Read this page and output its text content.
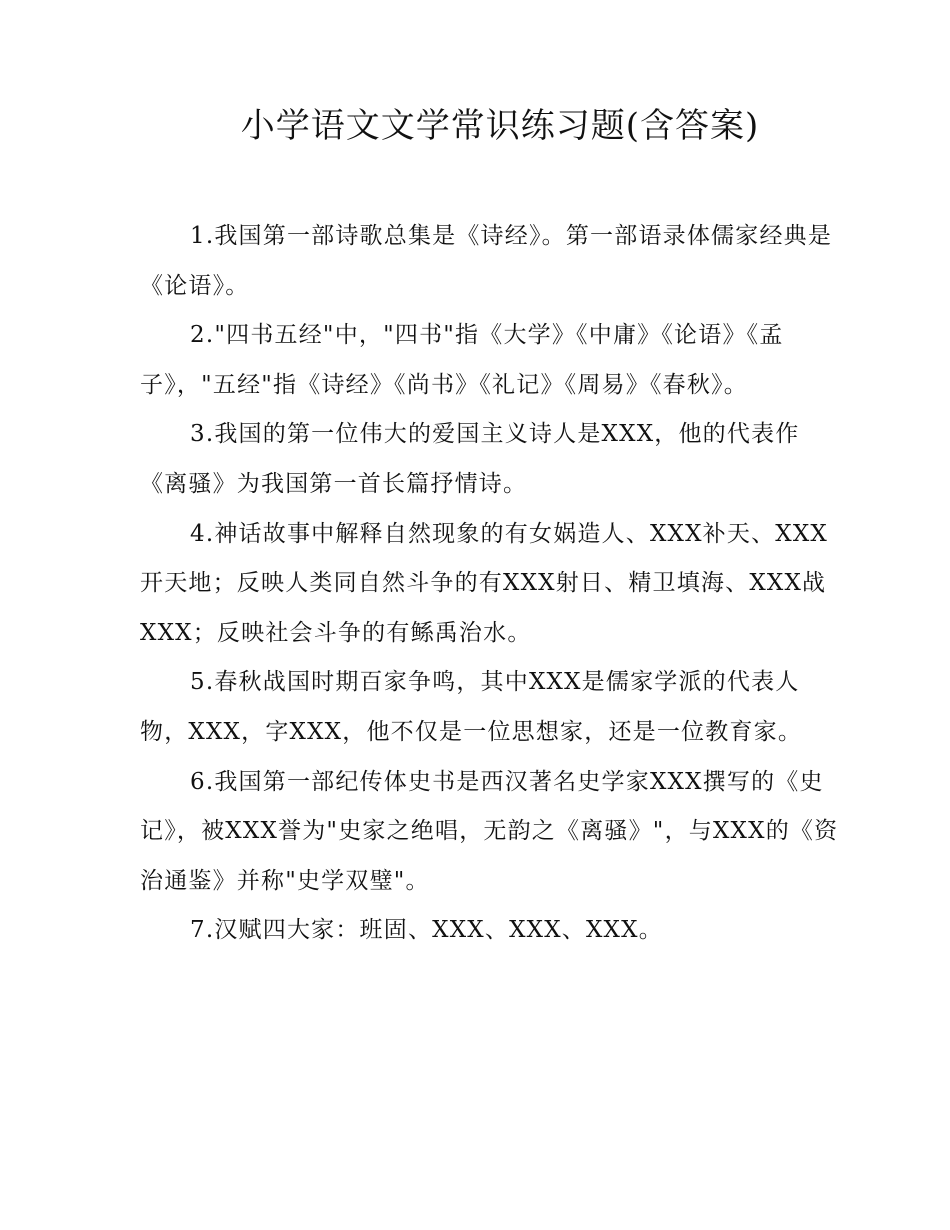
小学语文文学常识练习题(含答案)

1.我国第一部诗歌总集是《诗经》。第一部语录体儒家经典是《论语》。

2."四书五经"中，"四书"指《大学》《中庸》《论语》《孟子》，"五经"指《诗经》《尚书》《礼记》《周易》《春秋》。

3.我国的第一位伟大的爱国主义诗人是XXX，他的代表作《离骚》为我国第一首长篇抒情诗。

4.神话故事中解释自然现象的有女娲造人、XXX补天、XXX开天地；反映人类同自然斗争的有XXX射日、精卫填海、XXX战XXX；反映社会斗争的有鲧禹治水。

5.春秋战国时期百家争鸣，其中XXX是儒家学派的代表人物，XXX，字XXX，他不仅是一位思想家，还是一位教育家。

6.我国第一部纪传体史书是西汉著名史学家XXX撰写的《史记》，被XXX誉为"史家之绝唱，无韵之《离骚》"，与XXX的《资治通鉴》并称"史学双璧"。

7.汉赋四大家：班固、XXX、XXX、XXX。
